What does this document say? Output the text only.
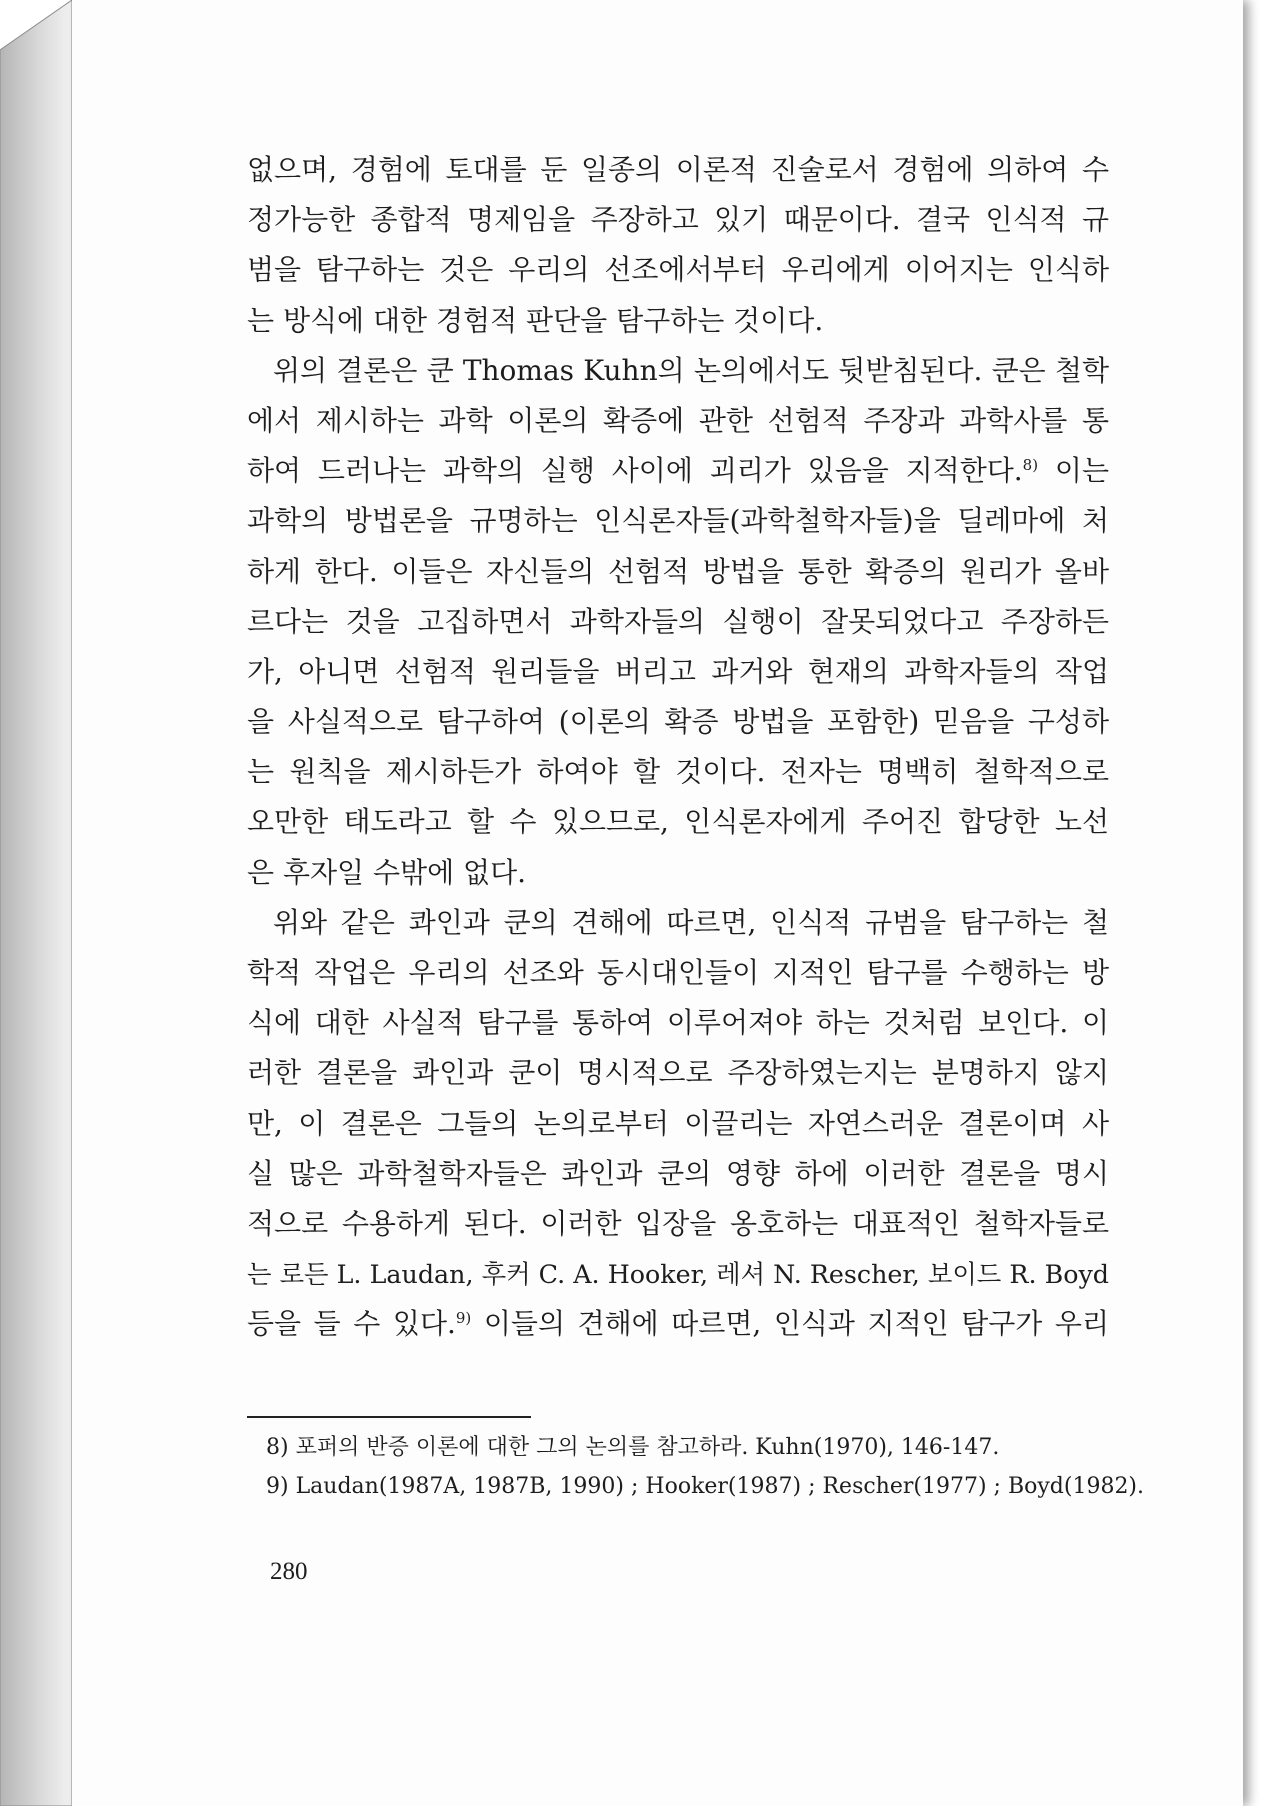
없으며, 경험에 토대를 둔 일종의 이론적 진술로서 경험에 의하여 수
정가능한 종합적 명제임을 주장하고 있기 때문이다. 결국 인식적 규
범을 탐구하는 것은 우리의 선조에서부터 우리에게 이어지는 인식하
는 방식에 대한 경험적 판단을 탐구하는 것이다.
위의 결론은 쿤 Thomas Kuhn의 논의에서도 뒷받침된다. 쿤은 철학
에서 제시하는 과학 이론의 확증에 관한 선험적 주장과 과학사를 통
하여 드러나는 과학의 실행 사이에 괴리가 있음을 지적한다.$^{8)}$ 이는
과학의 방법론을 규명하는 인식론자들(과학철학자들)을 딜레마에 처
하게 한다. 이들은 자신들의 선험적 방법을 통한 확증의 원리가 올바
르다는 것을 고집하면서 과학자들의 실행이 잘못되었다고 주장하든
가, 아니면 선험적 원리들을 버리고 과거와 현재의 과학자들의 작업
을 사실적으로 탐구하여 (이론의 확증 방법을 포함한) 믿음을 구성하
는 원칙을 제시하든가 하여야 할 것이다. 전자는 명백히 철학적으로
오만한 태도라고 할 수 있으므로, 인식론자에게 주어진 합당한 노선
은 후자일 수밖에 없다.
위와 같은 콰인과 쿤의 견해에 따르면, 인식적 규범을 탐구하는 철
학적 작업은 우리의 선조와 동시대인들이 지적인 탐구를 수행하는 방
식에 대한 사실적 탐구를 통하여 이루어져야 하는 것처럼 보인다. 이
러한 결론을 콰인과 쿤이 명시적으로 주장하였는지는 분명하지 않지
만, 이 결론은 그들의 논의로부터 이끌리는 자연스러운 결론이며 사
실 많은 과학철학자들은 콰인과 쿤의 영향 하에 이러한 결론을 명시
적으로 수용하게 된다. 이러한 입장을 옹호하는 대표적인 철학자들로
는 로든 L. Laudan, 후커 C. A. Hooker, 레셔 N. Rescher, 보이드 R. Boyd
등을 들 수 있다.$^{9)}$ 이들의 견해에 따르면, 인식과 지적인 탐구가 우리
8) 포퍼의 반증 이론에 대한 그의 논의를 참고하라. Kuhn(1970), 146-147.
9) Laudan(1987A, 1987B, 1990) ; Hooker(1987) ; Rescher(1977) ; Boyd(1982).
280
